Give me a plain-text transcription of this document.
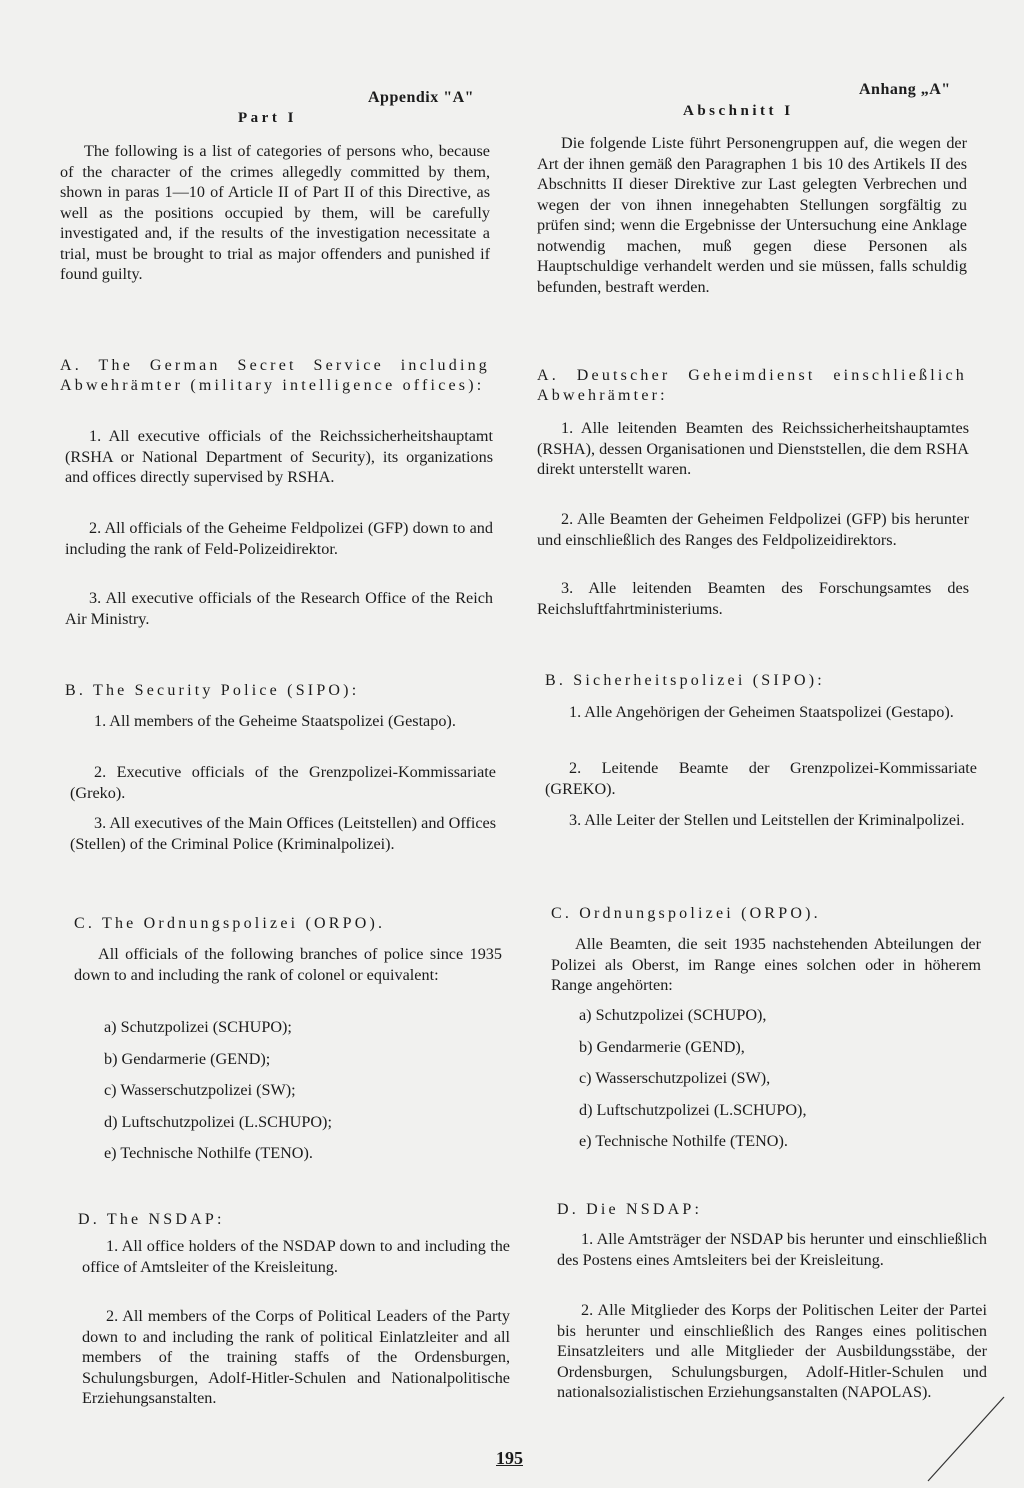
Appendix "A"
Part I
The following is a list of categories of persons who, because of the character of the crimes allegedly committed by them, shown in paras 1—10 of Article II of Part II of this Directive, as well as the positions occupied by them, will be carefully investigated and, if the results of the investigation necessitate a trial, must be brought to trial as major offenders and punished if found guilty.
A. The German Secret Service including Abwehrämter (military intelligence offices):
1. All executive officials of the Reichssicherheitshauptamt (RSHA or National Department of Security), its organizations and offices directly supervised by RSHA.
2. All officials of the Geheime Feldpolizei (GFP) down to and including the rank of Feld-Polizeidirektor.
3. All executive officials of the Research Office of the Reich Air Ministry.
B. The Security Police (SIPO):
1. All members of the Geheime Staatspolizei (Gestapo).
2. Executive officials of the Grenzpolizei-Kommissariate (Greko).
3. All executives of the Main Offices (Leitstellen) and Offices (Stellen) of the Criminal Police (Kriminalpolizei).
C. The Ordnungspolizei (ORPO).
All officials of the following branches of police since 1935 down to and including the rank of colonel or equivalent:
a) Schutzpolizei (SCHUPO);
b) Gendarmerie (GEND);
c) Wasserschutzpolizei (SW);
d) Luftschutzpolizei (L.SCHUPO);
e) Technische Nothilfe (TENO).
D. The NSDAP:
1. All office holders of the NSDAP down to and including the office of Amtsleiter of the Kreisleitung.
2. All members of the Corps of Political Leaders of the Party down to and including the rank of political Einlatzleiter and all members of the training staffs of the Ordensburgen, Schulungsburgen, Adolf-Hitler-Schulen and Nationalpolitische Erziehungsanstalten.
Anhang „A"
Abschnitt I
Die folgende Liste führt Personengruppen auf, die wegen der Art der ihnen gemäß den Paragraphen 1 bis 10 des Artikels II des Abschnitts II dieser Direktive zur Last gelegten Verbrechen und wegen der von ihnen innegehabten Stellungen sorgfältig zu prüfen sind; wenn die Ergebnisse der Untersuchung eine Anklage notwendig machen, muß gegen diese Personen als Hauptschuldige verhandelt werden und sie müssen, falls schuldig befunden, bestraft werden.
A. Deutscher Geheimdienst einschließlich Abwehrämter:
1. Alle leitenden Beamten des Reichssicherheitshauptamtes (RSHA), dessen Organisationen und Dienststellen, die dem RSHA direkt unterstellt waren.
2. Alle Beamten der Geheimen Feldpolizei (GFP) bis herunter und einschließlich des Ranges des Feldpolizeidirektors.
3. Alle leitenden Beamten des Forschungsamtes des Reichsluftfahrtministeriums.
B. Sicherheitspolizei (SIPO):
1. Alle Angehörigen der Geheimen Staatspolizei (Gestapo).
2. Leitende Beamte der Grenzpolizei-Kommissariate (GREKO).
3. Alle Leiter der Stellen und Leitstellen der Kriminalpolizei.
C. Ordnungspolizei (ORPO).
Alle Beamten, die seit 1935 nachstehenden Abteilungen der Polizei als Oberst, im Range eines solchen oder in höherem Range angehörten:
a) Schutzpolizei (SCHUPO),
b) Gendarmerie (GEND),
c) Wasserschutzpolizei (SW),
d) Luftschutzpolizei (L.SCHUPO),
e) Technische Nothilfe (TENO).
D. Die NSDAP:
1. Alle Amtsträger der NSDAP bis herunter und einschließlich des Postens eines Amtsleiters bei der Kreisleitung.
2. Alle Mitglieder des Korps der Politischen Leiter der Partei bis herunter und einschließlich des Ranges eines politischen Einsatzleiters und alle Mitglieder der Ausbildungsstäbe, der Ordensburgen, Schulungsburgen, Adolf-Hitler-Schulen und nationalsozialistischen Erziehungsanstalten (NAPOLAS).
195
